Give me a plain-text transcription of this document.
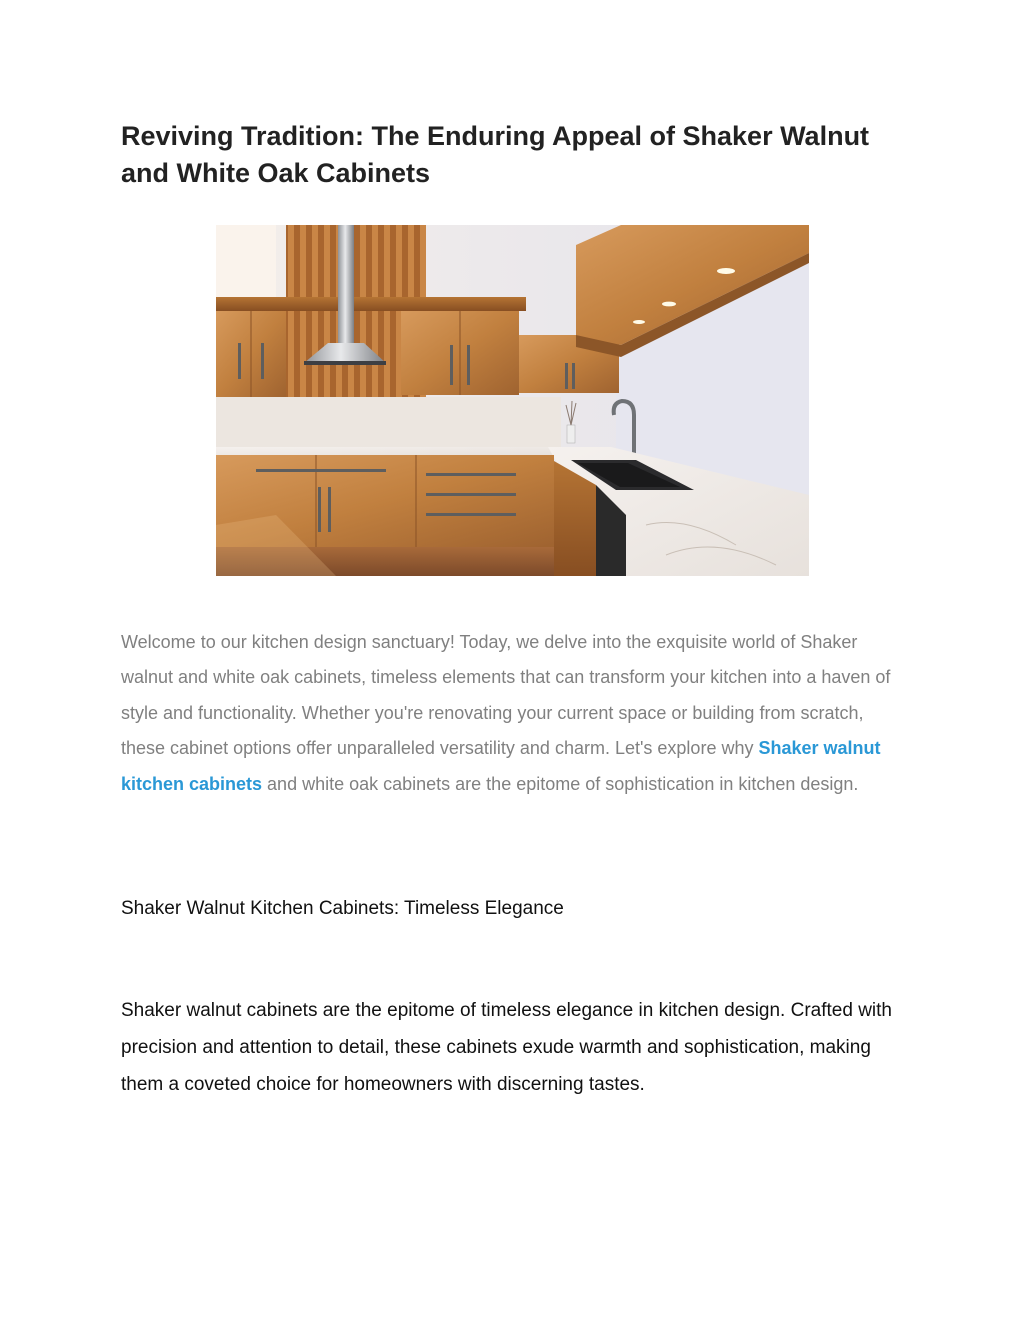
Reviving Tradition: The Enduring Appeal of Shaker Walnut and White Oak Cabinets

Welcome to our kitchen design sanctuary! Today, we delve into the exquisite world of Shaker walnut and white oak cabinets, timeless elements that can transform your kitchen into a haven of style and functionality. Whether you're renovating your current space or building from scratch, these cabinet options offer unparalleled versatility and charm. Let's explore why Shaker walnut kitchen cabinets and white oak cabinets are the epitome of sophistication in kitchen design.

Shaker Walnut Kitchen Cabinets: Timeless Elegance

Shaker walnut cabinets are the epitome of timeless elegance in kitchen design. Crafted with precision and attention to detail, these cabinets exude warmth and sophistication, making them a coveted choice for homeowners with discerning tastes.
